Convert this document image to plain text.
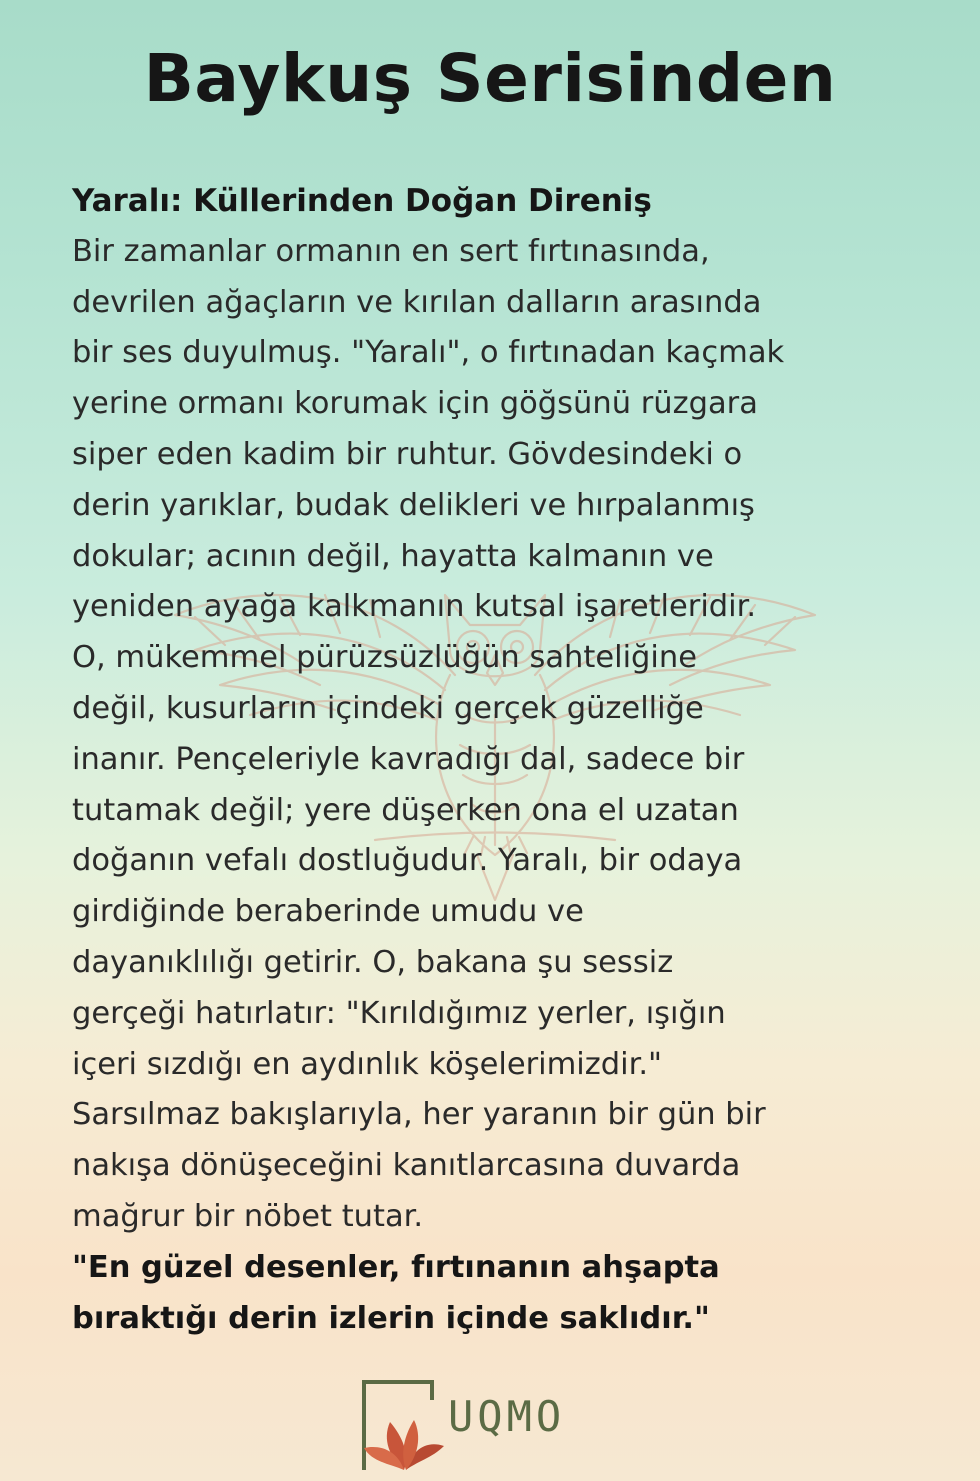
Baykuş Serisinden
Yaralı: Küllerinden Doğan Direniş
Bir zamanlar ormanın en sert fırtınasında,
devrilen ağaçların ve kırılan dalların arasında
bir ses duyulmuş. "Yaralı", o fırtınadan kaçmak
yerine ormanı korumak için göğsünü rüzgara
siper eden kadim bir ruhtur. Gövdesindeki o
derin yarıklar, budak delikleri ve hırpalanmış
dokular; acının değil, hayatta kalmanın ve
yeniden ayağa kalkmanın kutsal işaretleridir.
O, mükemmel pürüzsüzlüğün sahteliğine
değil, kusurların içindeki gerçek güzelliğe
inanır. Pençeleriyle kavradığı dal, sadece bir
tutamak değil; yere düşerken ona el uzatan
doğanın vefalı dostluğudur. Yaralı, bir odaya
girdiğinde beraberinde umudu ve
dayanıklılığı getirir. O, bakana şu sessiz
gerçeği hatırlatır: "Kırıldığımız yerler, ışığın
içeri sızdığı en aydınlık köşelerimizdir."
Sarsılmaz bakışlarıyla, her yaranın bir gün bir
nakışa dönüşeceğini kanıtlarcasına duvarda
mağrur bir nöbet tutar.
"En güzel desenler, fırtınanın ahşapta
bıraktığı derin izlerin içinde saklıdır."
UQMO
